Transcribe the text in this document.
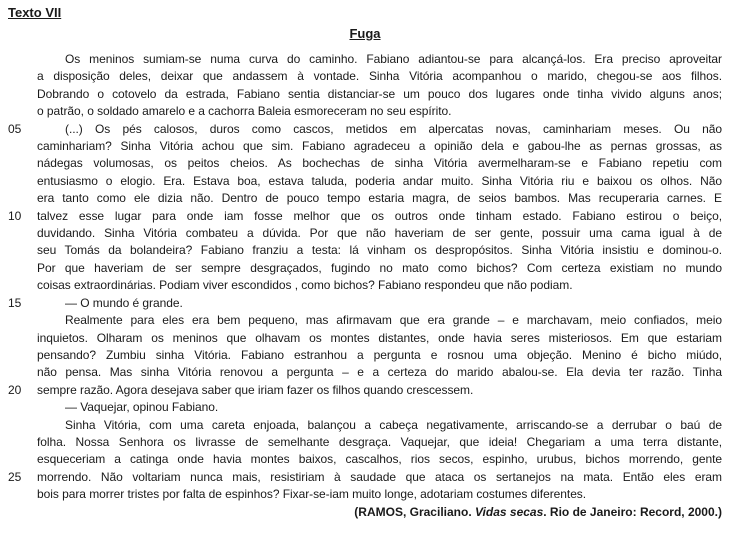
Texto VII
Fuga
Os meninos sumiam-se numa curva do caminho. Fabiano adiantou-se para alcançá-los. Era preciso aproveitar
a disposição deles, deixar que andassem à vontade. Sinha Vitória acompanhou o marido, chegou-se aos filhos.
Dobrando o cotovelo da estrada, Fabiano sentia distanciar-se um pouco dos lugares onde tinha vivido alguns anos;
o patrão, o soldado amarelo e a cachorra Baleia esmoreceram no seu espírito.
05	(...) Os pés calosos, duros como cascos, metidos em alpercatas novas, caminhariam meses. Ou não
caminhariam? Sinha Vitória achou que sim. Fabiano agradeceu a opinião dela e gabou-lhe as pernas grossas, as
nádegas volumosas, os peitos cheios. As bochechas de sinha Vitória avermelharam-se e Fabiano repetiu com
entusiasmo o elogio. Era. Estava boa, estava taluda, poderia andar muito. Sinha Vitória riu e baixou os olhos. Não
era tanto como ele dizia não. Dentro de pouco tempo estaria magra, de seios bambos. Mas recuperaria carnes. E
10	talvez esse lugar para onde iam fosse melhor que os outros onde tinham estado. Fabiano estirou o beiço,
duvidando. Sinha Vitória combateu a dúvida. Por que não haveriam de ser gente, possuir uma cama igual à de
seu Tomás da bolandeira? Fabiano franziu a testa: lá vinham os despropósitos. Sinha Vitória insistiu e dominou-o.
Por que haveriam de ser sempre desgraçados, fugindo no mato como bichos? Com certeza existiam no mundo
coisas extraordinárias. Podiam viver escondidos , como bichos? Fabiano respondeu que não podiam.
15	— O mundo é grande.
Realmente para eles era bem pequeno, mas afirmavam que era grande – e marchavam, meio confiados, meio
inquietos. Olharam os meninos que olhavam os montes distantes, onde havia seres misteriosos. Em que estariam
pensando? Zumbiu sinha Vitória. Fabiano estranhou a pergunta e rosnou uma objeção. Menino é bicho miúdo,
não pensa. Mas sinha Vitória renovou a pergunta – e a certeza do marido abalou-se. Ela devia ter razão. Tinha
20	sempre razão. Agora desejava saber que iriam fazer os filhos quando crescessem.
— Vaquejar, opinou Fabiano.
Sinha Vitória, com uma careta enjoada, balançou a cabeça negativamente, arriscando-se a derrubar o baú de
folha. Nossa Senhora os livrasse de semelhante desgraça. Vaquejar, que ideia! Chegariam a uma terra distante,
esqueceriam a catinga onde havia montes baixos, cascalhos, rios secos, espinho, urubus, bichos morrendo, gente
25	morrendo. Não voltariam nunca mais, resistiriam à saudade que ataca os sertanejos na mata. Então eles eram
bois para morrer tristes por falta de espinhos? Fixar-se-iam muito longe, adotariam costumes diferentes.
(RAMOS, Graciliano. Vidas secas. Rio de Janeiro: Record, 2000.)
